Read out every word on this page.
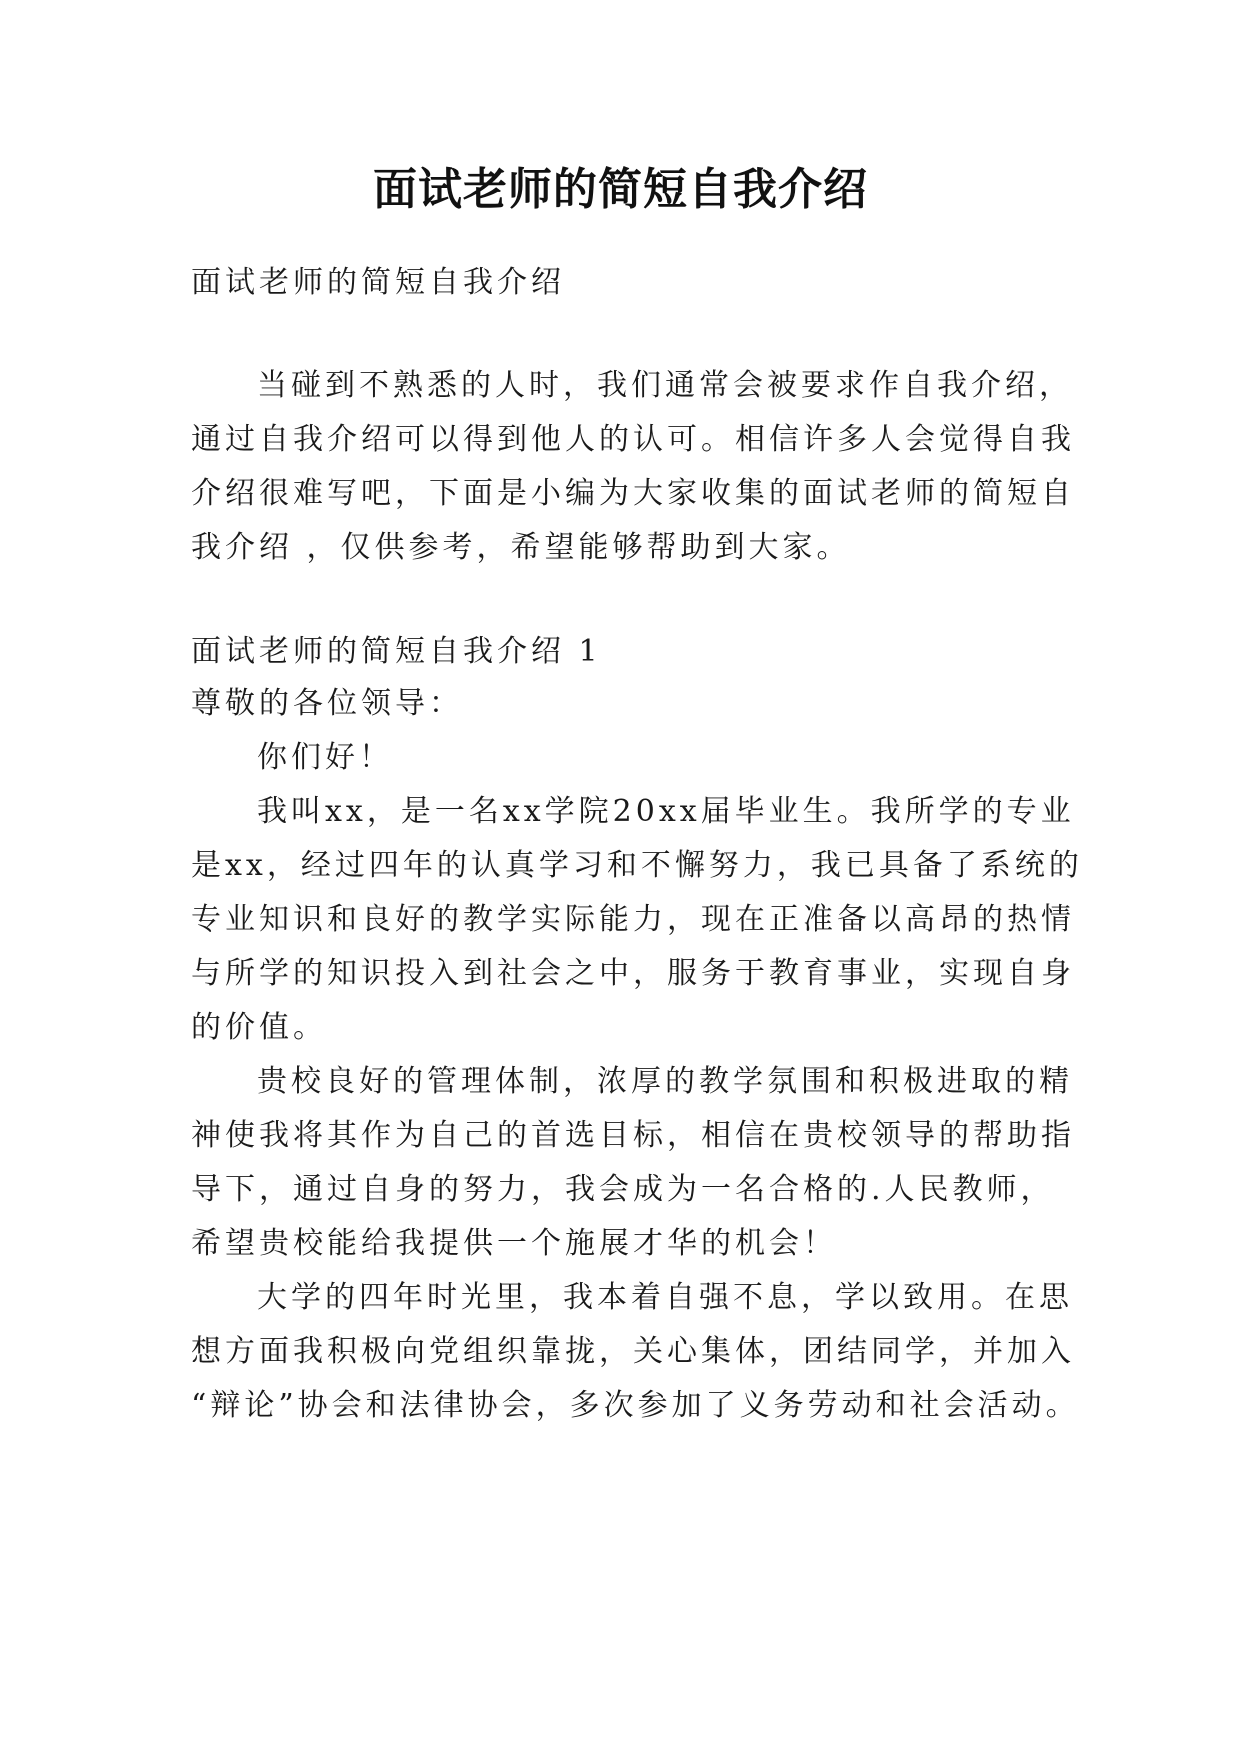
面试老师的简短自我介绍
面试老师的简短自我介绍
当碰到不熟悉的人时，我们通常会被要求作自我介绍，
通过自我介绍可以得到他人的认可。相信许多人会觉得自我
介绍很难写吧，下面是小编为大家收集的面试老师的简短自
我介绍 ，仅供参考，希望能够帮助到大家。
面试老师的简短自我介绍 1
尊敬的各位领导：
你们好！
我叫xx，是一名xx学院20xx届毕业生。我所学的专业
是xx，经过四年的认真学习和不懈努力，我已具备了系统的
专业知识和良好的教学实际能力，现在正准备以高昂的热情
与所学的知识投入到社会之中，服务于教育事业，实现自身
的价值。
贵校良好的管理体制，浓厚的教学氛围和积极进取的精
神使我将其作为自己的首选目标，相信在贵校领导的帮助指
导下，通过自身的努力，我会成为一名合格的.人民教师，
希望贵校能给我提供一个施展才华的机会！
大学的四年时光里，我本着自强不息，学以致用。在思
想方面我积极向党组织靠拢，关心集体，团结同学，并加入
“辩论”协会和法律协会，多次参加了义务劳动和社会活动。
